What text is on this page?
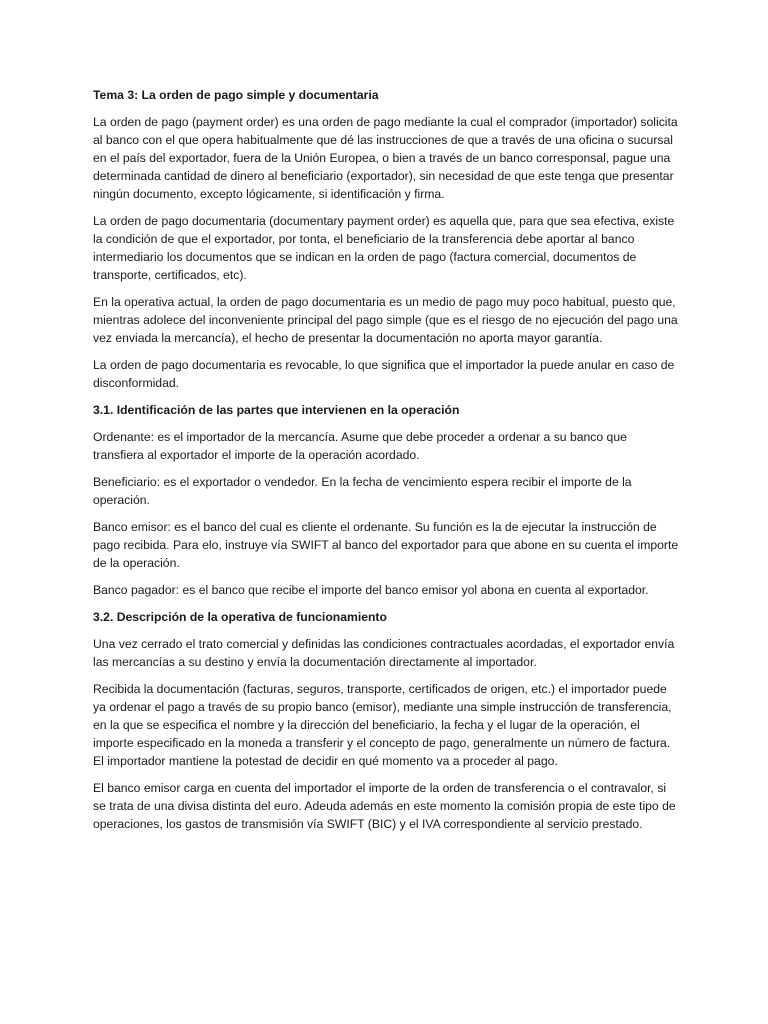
Tema 3: La orden de pago simple y documentaria

La orden de pago (payment order) es una orden de pago mediante la cual el comprador (importador) solicita al banco con el que opera habitualmente que dé las instrucciones de que a través de una oficina o sucursal en el país del exportador, fuera de la Unión Europea, o bien a través de un banco corresponsal, pague una determinada cantidad de dinero al beneficiario (exportador), sin necesidad de que este tenga que presentar ningún documento, excepto lógicamente, si identificación y firma.

La orden de pago documentaria (documentary payment order) es aquella que, para que sea efectiva, existe la condición de que el exportador, por tonta, el beneficiario de la transferencia debe aportar al banco intermediario los documentos que se indican en la orden de pago (factura comercial, documentos de transporte, certificados, etc).

En la operativa actual, la orden de pago documentaria es un medio de pago muy poco habitual, puesto que, mientras adolece del inconveniente principal del pago simple (que es el riesgo de no ejecución del pago una vez enviada la mercancía), el hecho de presentar la documentación no aporta mayor garantía.

La orden de pago documentaria es revocable, lo que significa que el importador la puede anular en caso de disconformidad.

3.1. Identificación de las partes que intervienen en la operación

Ordenante: es el importador de la mercancía. Asume que debe proceder a ordenar a su banco que transfiera al exportador el importe de la operación acordado.

Beneficiario: es el exportador o vendedor. En la fecha de vencimiento espera recibir el importe de la operación.

Banco emisor: es el banco del cual es cliente el ordenante. Su función es la de ejecutar la instrucción de pago recibida. Para elo, instruye vía SWIFT al banco del exportador para que abone en su cuenta el importe de la operación.

Banco pagador: es el banco que recibe el importe del banco emisor yol abona en cuenta al exportador.

3.2. Descripción de la operativa de funcionamiento

Una vez cerrado el trato comercial y definidas las condiciones contractuales acordadas, el exportador envía las mercancías a su destino y envía la documentación directamente al importador.

Recibida la documentación (facturas, seguros, transporte, certificados de origen, etc.) el importador puede ya ordenar el pago a través de su propio banco (emisor), mediante una simple instrucción de transferencia, en la que se especifica el nombre y la dirección del beneficiario, la fecha y el lugar de la operación, el importe especificado en la moneda a transferir y el concepto de pago, generalmente un número de factura. El importador mantiene la potestad de decidir en qué momento va a proceder al pago.

El banco emisor carga en cuenta del importador el importe de la orden de transferencia o el contravalor, si se trata de una divisa distinta del euro. Adeuda además en este momento la comisión propia de este tipo de operaciones, los gastos de transmisión vía SWIFT (BIC) y el IVA correspondiente al servicio prestado.
